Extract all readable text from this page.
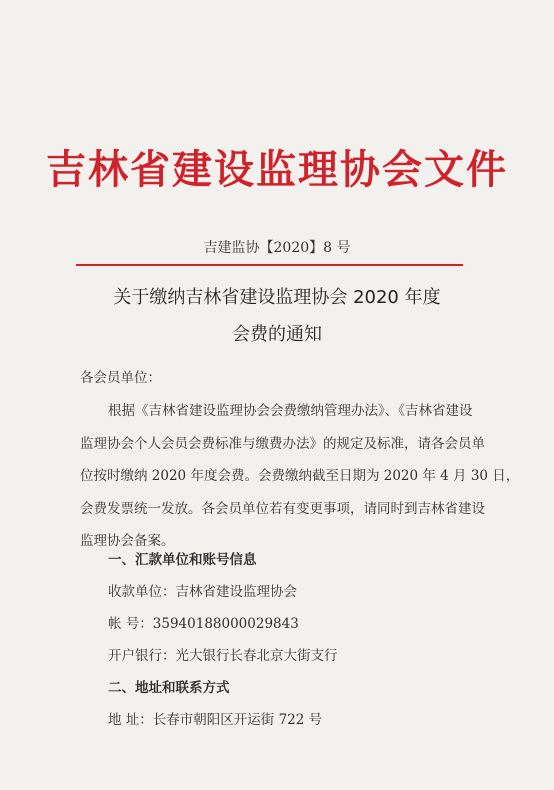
吉林省建设监理协会文件
吉建监协【2020】8 号
关于缴纳吉林省建设监理协会 2020 年度
会费的通知
各会员单位：
根据《吉林省建设监理协会会费缴纳管理办法》、《吉林省建设
监理协会个人会员会费标准与缴费办法》的规定及标准，请各会员单
位按时缴纳 2020 年度会费。会费缴纳截至日期为 2020 年 4 月 30 日，
会费发票统一发放。各会员单位若有变更事项，请同时到吉林省建设
监理协会备案。
一、汇款单位和账号信息
收款单位：吉林省建设监理协会
帐 号：35940188000029843
开户银行：光大银行长春北京大街支行
二、地址和联系方式
地 址：长春市朝阳区开运街 722 号
